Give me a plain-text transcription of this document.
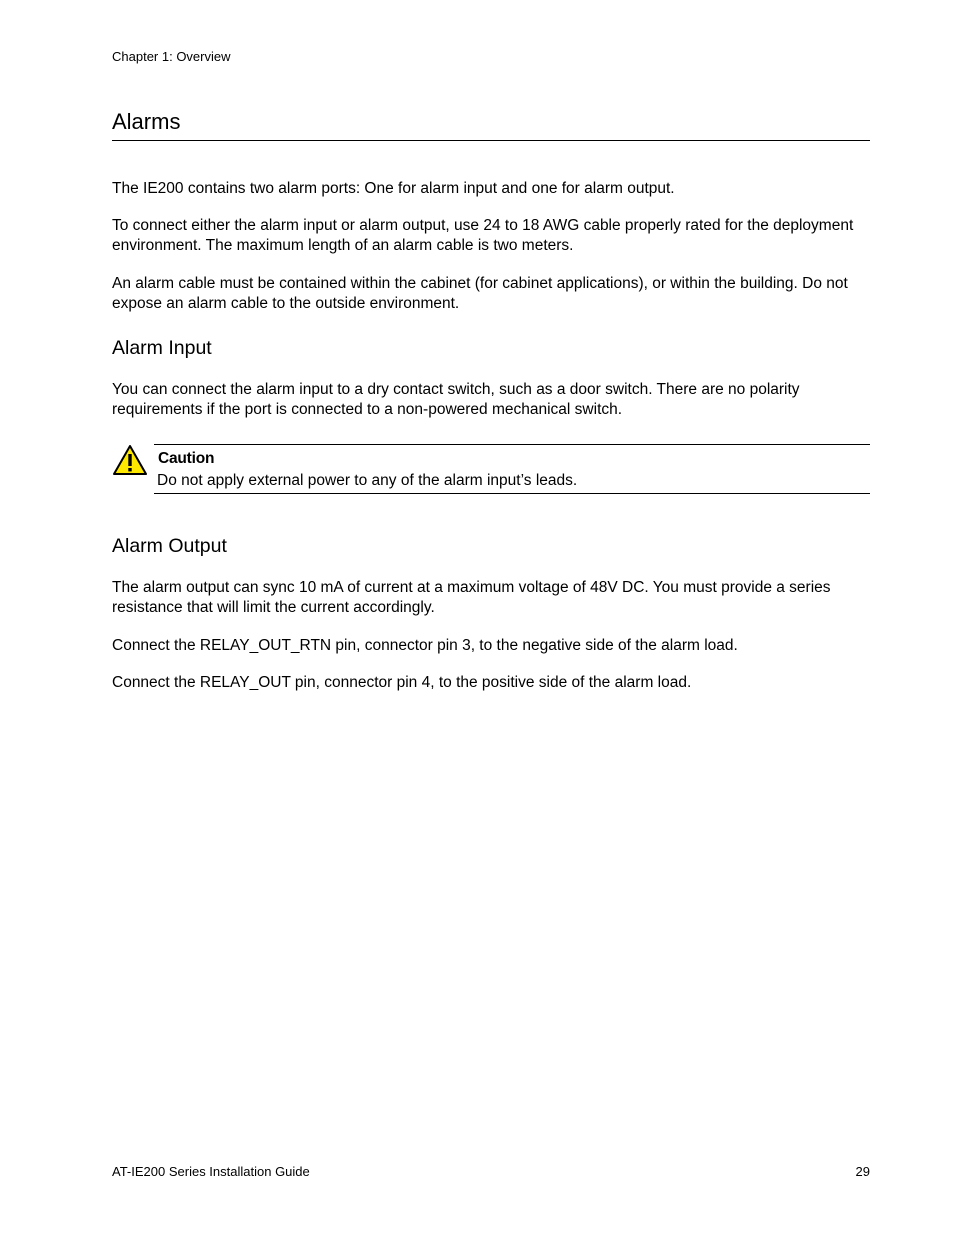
Chapter 1: Overview
Alarms

The IE200 contains two alarm ports: One for alarm input and one for alarm output.

To connect either the alarm input or alarm output, use 24 to 18 AWG cable properly rated for the deployment environment. The maximum length of an alarm cable is two meters.

An alarm cable must be contained within the cabinet (for cabinet applications), or within the building. Do not expose an alarm cable to the outside environment.

Alarm Input

You can connect the alarm input to a dry contact switch, such as a door switch. There are no polarity requirements if the port is connected to a non-powered mechanical switch.

Caution
Do not apply external power to any of the alarm input’s leads.
Alarm Output

The alarm output can sync 10 mA of current at a maximum voltage of 48V DC. You must provide a series resistance that will limit the current accordingly.

Connect the RELAY_OUT_RTN pin, connector pin 3, to the negative side of the alarm load.

Connect the RELAY_OUT pin, connector pin 4, to the positive side of the alarm load.

AT-IE200 Series Installation Guide	29
